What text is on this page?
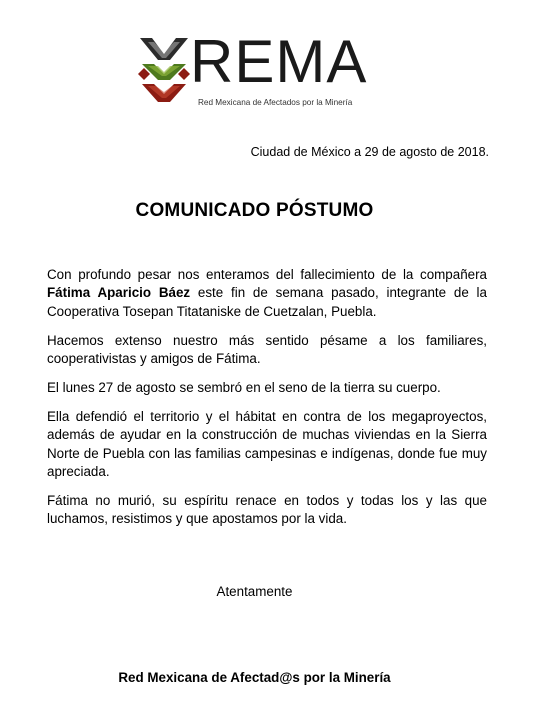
REMA
Red Mexicana de Afectados por la Minería
Ciudad de México a 29 de agosto de 2018.
COMUNICADO PÓSTUMO

Con profundo pesar nos enteramos del fallecimiento de la compañera Fátima Aparicio Báez este fin de semana pasado, integrante de la Cooperativa Tosepan Titataniske de Cuetzalan, Puebla.

Hacemos extenso nuestro más sentido pésame a los familiares, cooperativistas y amigos de Fátima.

El lunes 27 de agosto se sembró en el seno de la tierra su cuerpo.

Ella defendió el territorio y el hábitat en contra de los megaproyectos, además de ayudar en la construcción de muchas viviendas en la Sierra Norte de Puebla con las familias campesinas e indígenas, donde fue muy apreciada.

Fátima no murió, su espíritu renace en todos y todas los y las que luchamos, resistimos y que apostamos por la vida.

Atentamente
Red Mexicana de Afectad@s por la Minería
